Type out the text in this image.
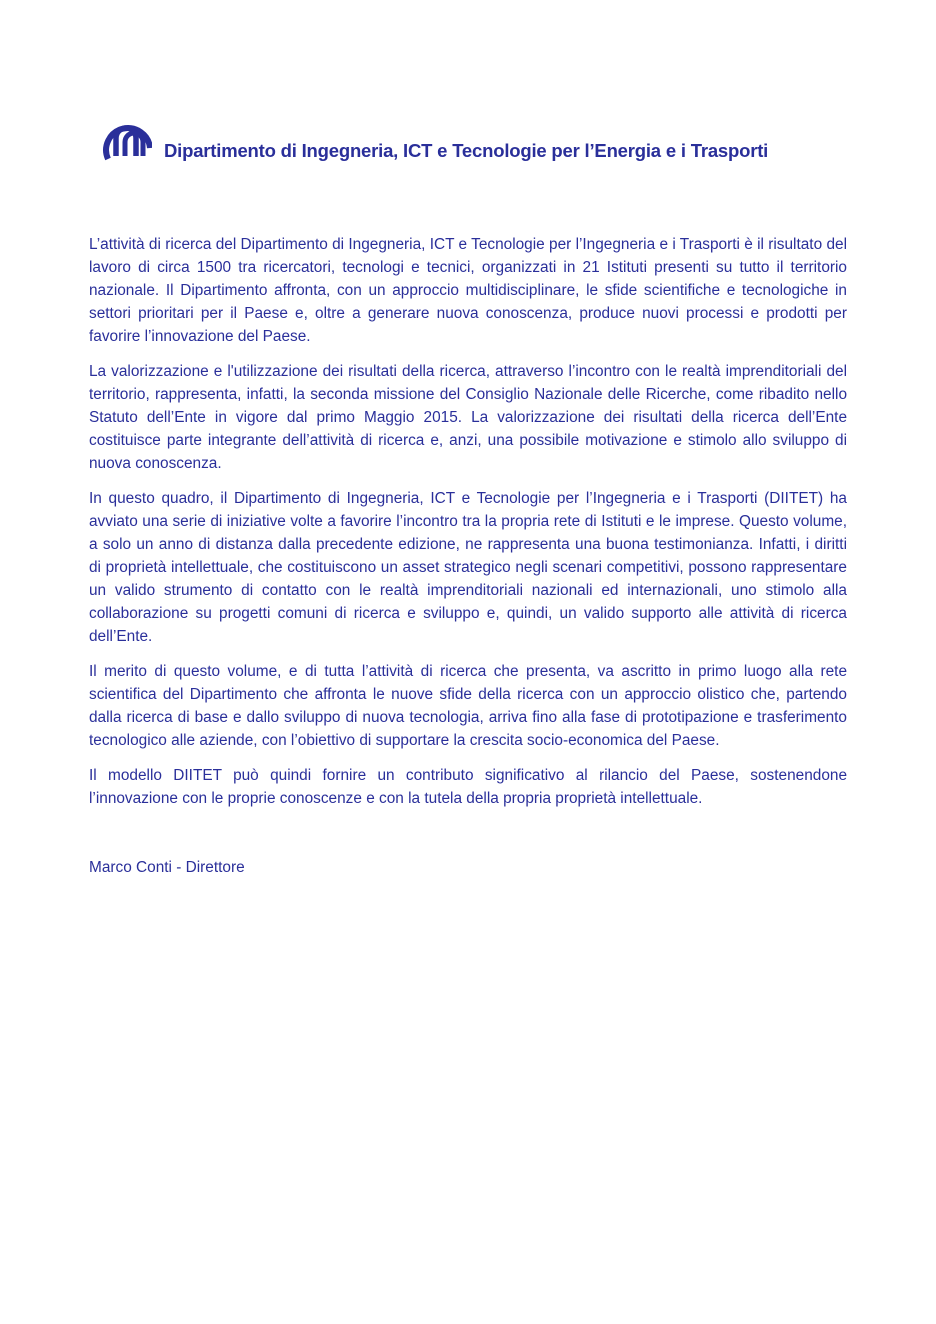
Dipartimento di Ingegneria, ICT e Tecnologie per l’Energia e i Trasporti

L’attività di ricerca del Dipartimento di Ingegneria, ICT e Tecnologie per l’Ingegneria e i Trasporti è il risultato del lavoro di circa 1500 tra ricercatori, tecnologi e tecnici, organizzati in 21 Istituti presenti su tutto il territorio nazionale. Il Dipartimento affronta, con un approccio multidisciplinare, le sfide scientifiche e tecnologiche in settori prioritari per il Paese e, oltre a generare nuova conoscenza, produce nuovi processi e prodotti per favorire l’innovazione del Paese.

La valorizzazione e l'utilizzazione dei risultati della ricerca, attraverso l’incontro con le realtà imprenditoriali del territorio, rappresenta, infatti, la seconda missione del Consiglio Nazionale delle Ricerche, come ribadito nello Statuto dell’Ente in vigore dal primo Maggio 2015. La valorizzazione dei risultati della ricerca dell’Ente costituisce parte integrante dell’attività di ricerca e, anzi, una possibile motivazione e stimolo allo sviluppo di nuova conoscenza.

In questo quadro, il Dipartimento di Ingegneria, ICT e Tecnologie per l’Ingegneria e i Trasporti (DIITET) ha avviato una serie di iniziative volte a favorire l’incontro tra la propria rete di Istituti e le imprese. Questo volume, a solo un anno di distanza dalla precedente edizione, ne rappresenta una buona testimonianza. Infatti, i diritti di proprietà intellettuale, che costituiscono un asset strategico negli scenari competitivi, possono rappresentare un valido strumento di contatto con le realtà imprenditoriali nazionali ed internazionali, uno stimolo alla collaborazione su progetti comuni di ricerca e sviluppo e, quindi, un valido supporto alle attività di ricerca dell’Ente.

Il merito di questo volume, e di tutta l’attività di ricerca che presenta, va ascritto in primo luogo alla rete scientifica del Dipartimento che affronta le nuove sfide della ricerca con un approccio olistico che, partendo dalla ricerca di base e dallo sviluppo di nuova tecnologia, arriva fino alla fase di prototipazione e trasferimento tecnologico alle aziende, con l’obiettivo di supportare la crescita socio-economica del Paese.

Il modello DIITET può quindi fornire un contributo significativo al rilancio del Paese, sostenendone l’innovazione con le proprie conoscenze e con la tutela della propria proprietà intellettuale.

Marco Conti - Direttore
